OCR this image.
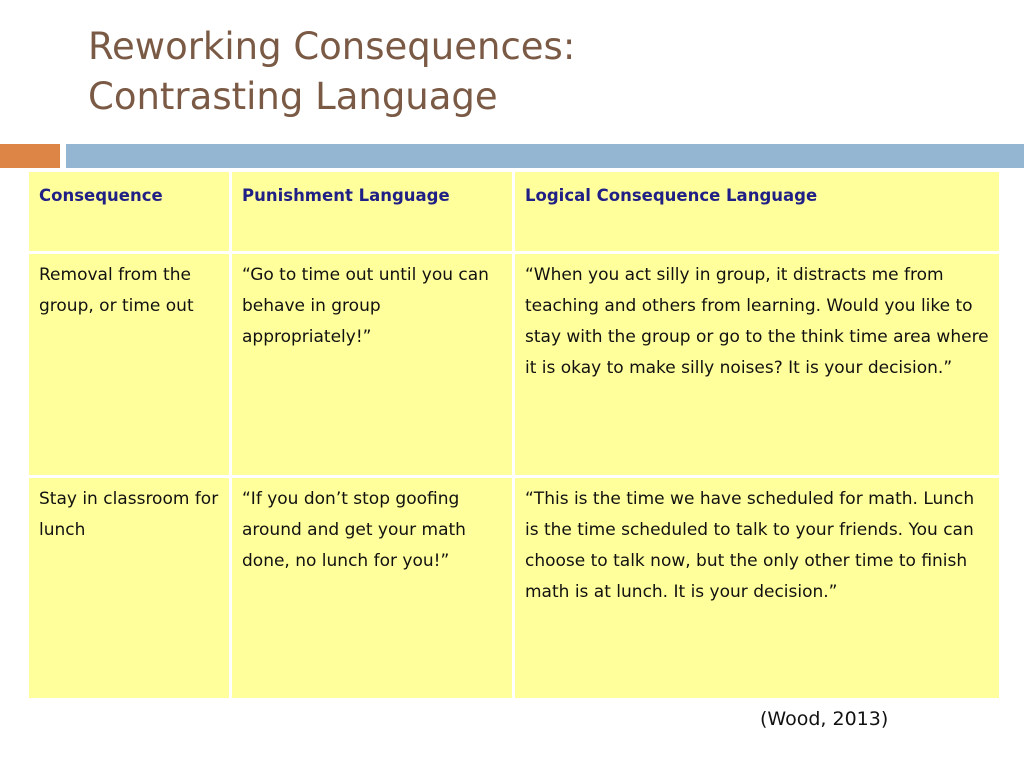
Reworking Consequences:
Contrasting Language
Consequence	Punishment Language	Logical Consequence Language
Removal from the group, or time out	“Go to time out until you can behave in group appropriately!”	“When you act silly in group, it distracts me from teaching and others from learning. Would you like to stay with the group or go to the think time area where it is okay to make silly noises? It is your decision.”
Stay in classroom for lunch	“If you don’t stop goofing around and get your math done, no lunch for you!”	“This is the time we have scheduled for math. Lunch is the time scheduled to talk to your friends. You can choose to talk now, but the only other time to finish math is at lunch. It is your decision.”
(Wood, 2013)
